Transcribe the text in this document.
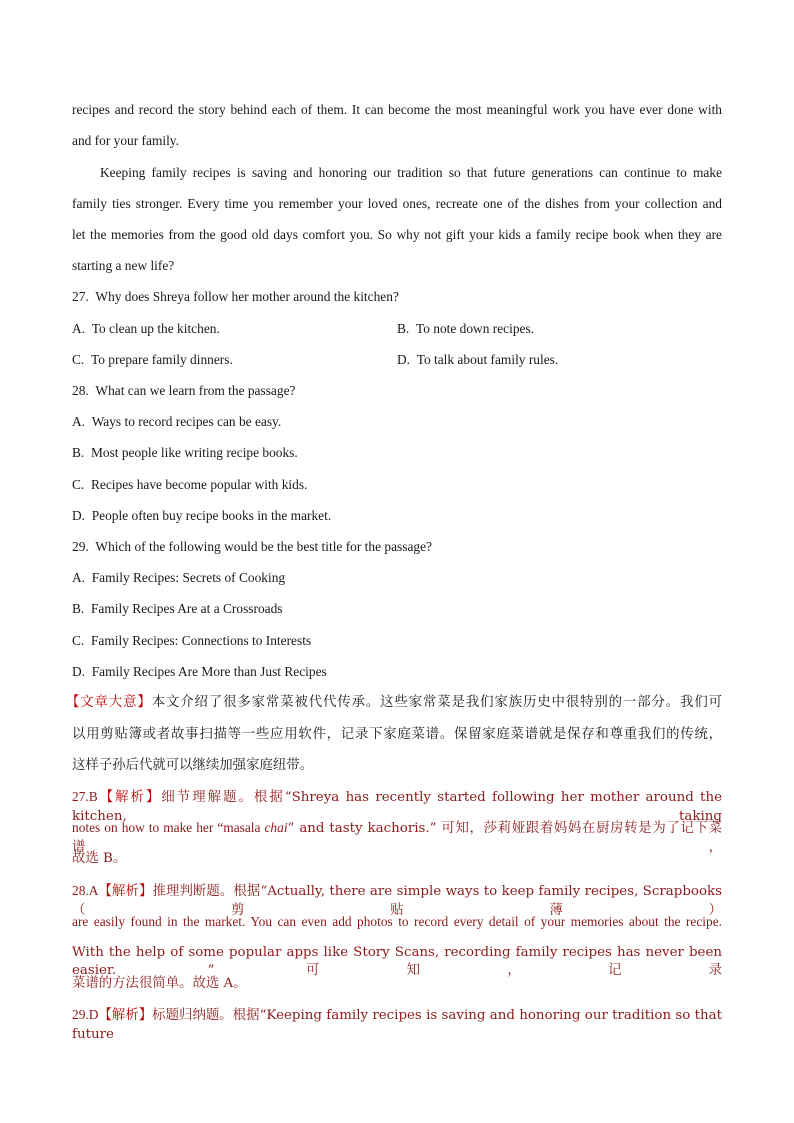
recipes and record the story behind each of them. It can become the most meaningful work you have ever done with
and for your family.
Keeping family recipes is saving and honoring our tradition so that future generations can continue to make
family ties stronger. Every time you remember your loved ones, recreate one of the dishes from your collection and
let the memories from the good old days comfort you. So why not gift your kids a family recipe book when they are
starting a new life?
27. Why does Shreya follow her mother around the kitchen?
A. To clean up the kitchen.	B. To note down recipes.
C. To prepare family dinners.	D. To talk about family rules.
28. What can we learn from the passage?
A. Ways to record recipes can be easy.
B. Most people like writing recipe books.
C. Recipes have become popular with kids.
D. People often buy recipe books in the market.
29. Which of the following would be the best title for the passage?
A. Family Recipes: Secrets of Cooking
B. Family Recipes Are at a Crossroads
C. Family Recipes: Connections to Interests
D. Family Recipes Are More than Just Recipes
【文章大意】本文介绍了很多家常菜被代代传承。这些家常菜是我们家族历史中很特别的一部分。我们可
以用剪贴簿或者故事扫描等一些应用软件，记录下家庭菜谱。保留家庭菜谱就是保存和尊重我们的传统，
这样子孙后代就可以继续加强家庭纽带。
27.B【解析】细节理解题。根据“Shreya has recently started following her mother around the kitchen, taking
notes on how to make her “masala chai” and tasty kachoris.” 可知，莎莉娅跟着妈妈在厨房转是为了记下菜谱，
故选 B。
28.A【解析】推理判断题。根据“Actually, there are simple ways to keep family recipes, Scrapbooks（剪贴薄）
are easily found in the market. You can even add photos to record every detail of your memories about the recipe.
With the help of some popular apps like Story Scans, recording family recipes has never been easier. ” 可知，记录
菜谱的方法很简单。故选 A。
29.D【解析】标题归纳题。根据“Keeping family recipes is saving and honoring our tradition so that future
